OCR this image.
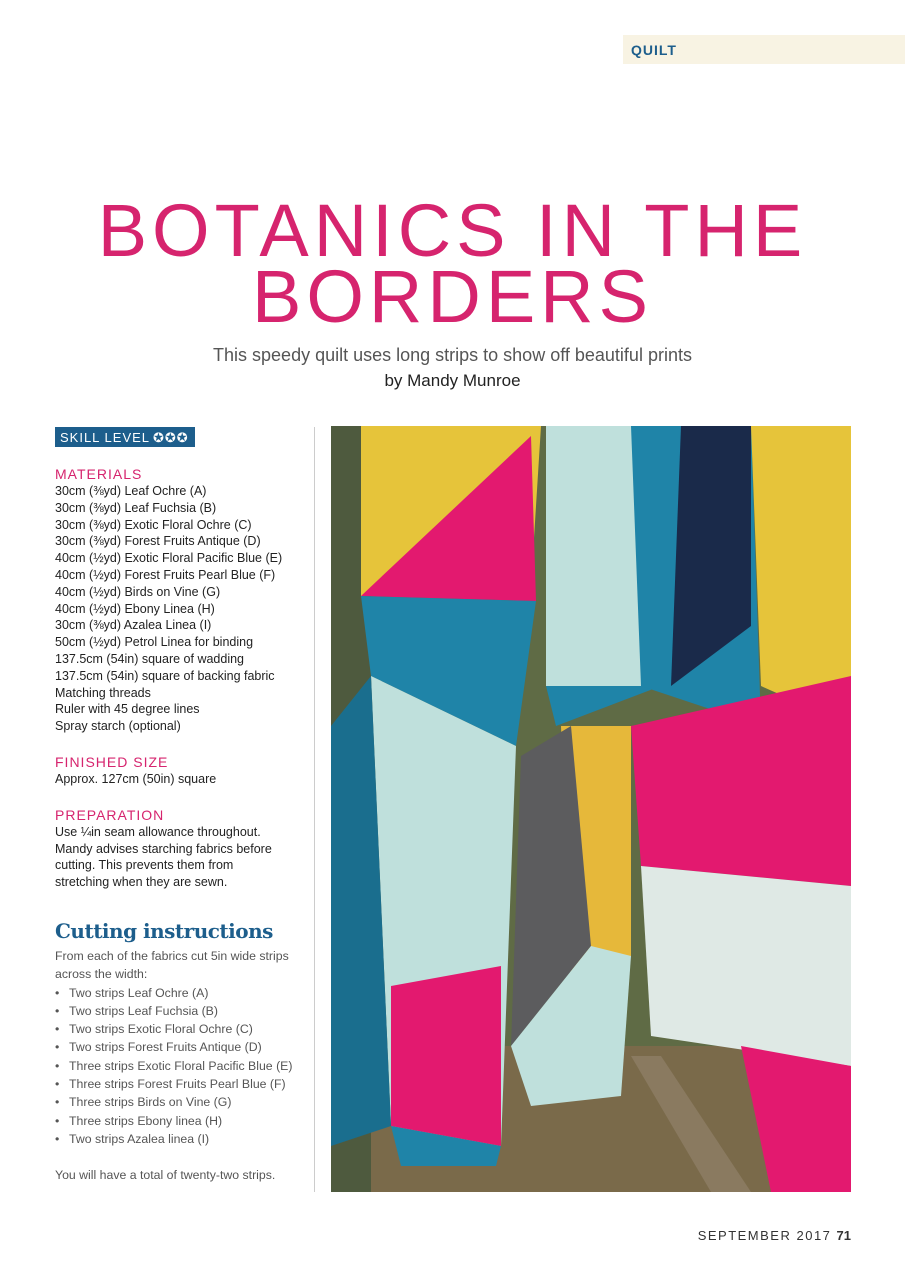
QUILT
BOTANICS IN THE
BORDERS
This speedy quilt uses long strips to show off beautiful prints
by Mandy Munroe
SKILL LEVEL ✪✪✪
MATERIALS
30cm (⅜yd) Leaf Ochre (A)
30cm (⅜yd) Leaf Fuchsia (B)
30cm (⅜yd) Exotic Floral Ochre (C)
30cm (⅜yd) Forest Fruits Antique (D)
40cm (½yd) Exotic Floral Pacific Blue (E)
40cm (½yd) Forest Fruits Pearl Blue (F)
40cm (½yd) Birds on Vine (G)
40cm (½yd) Ebony Linea (H)
30cm (⅜yd) Azalea Linea (I)
50cm (½yd) Petrol Linea for binding
137.5cm (54in) square of wadding
137.5cm (54in) square of backing fabric
Matching threads
Ruler with 45 degree lines
Spray starch (optional)
FINISHED SIZE
Approx. 127cm (50in) square
PREPARATION
Use ¼in seam allowance throughout.
Mandy advises starching fabrics before
cutting. This prevents them from
stretching when they are sewn.
Cutting instructions
From each of the fabrics cut 5in wide strips
across the width:
• Two strips Leaf Ochre (A)
• Two strips Leaf Fuchsia (B)
• Two strips Exotic Floral Ochre (C)
• Two strips Forest Fruits Antique (D)
• Three strips Exotic Floral Pacific Blue (E)
• Three strips Forest Fruits Pearl Blue (F)
• Three strips Birds on Vine (G)
• Three strips Ebony linea (H)
• Two strips Azalea linea (I)
You will have a total of twenty-two strips.
SEPTEMBER 2017 71
